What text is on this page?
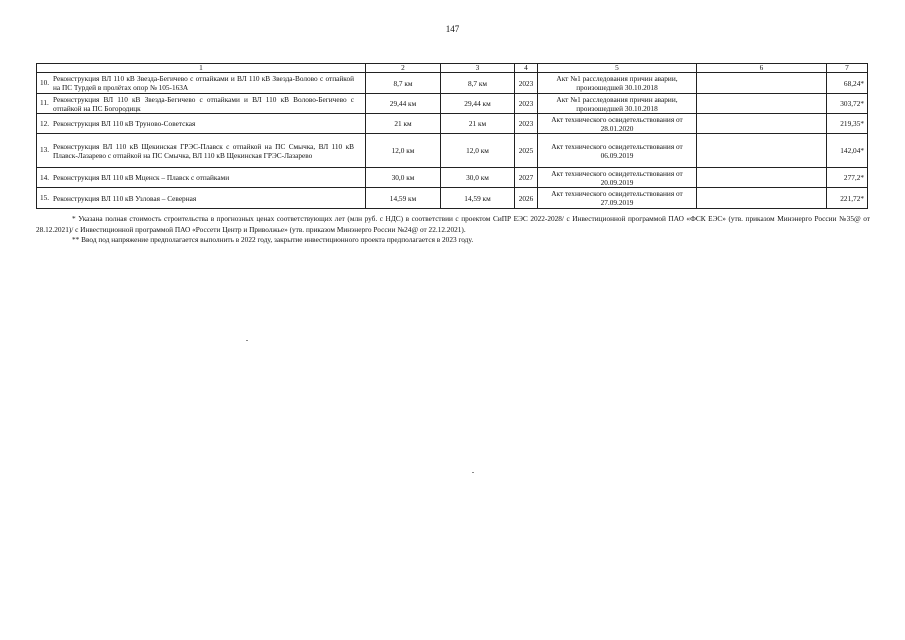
147
1	2	3	4	5	6	7
10. Реконструкция ВЛ 110 кВ Звезда-Бегичево с отпайками и ВЛ 110 кВ Звезда-Волово с отпайкой на ПС Турдей в пролётах опор № 105-163А	8,7 км	8,7 км	2023	Акт №1 расследования причин аварии, произошедшей 30.10.2018		68,24*
11. Реконструкция ВЛ 110 кВ Звезда-Бегичево с отпайками и ВЛ 110 кВ Волово-Бегичево с отпайкой на ПС Богородицк	29,44 км	29,44 км	2023	Акт №1 расследования причин аварии, произошедшей 30.10.2018		303,72*
12. Реконструкция ВЛ 110 кВ Труново-Советская	21 км	21 км	2023	Акт технического освидетельствования от 28.01.2020		219,35*
13. Реконструкция ВЛ 110 кВ Щекинская ГРЭС-Плавск с отпайкой на ПС Смычка, ВЛ 110 кВ Плавск-Лазарево с отпайкой на ПС Смычка, ВЛ 110 кВ Щекинская ГРЭС-Лазарево	12,0 км	12,0 км	2025	Акт технического освидетельствования от 06.09.2019		142,04*
14. Реконструкция ВЛ 110 кВ Мценск – Плавск с отпайками	30,0 км	30,0 км	2027	Акт технического освидетельствования от 20.09.2019		277,2*
15. Реконструкция ВЛ 110 кВ Узловая – Северная	14,59 км	14,59 км	2026	Акт технического освидетельствования от 27.09.2019		221,72*

* Указана полная стоимость строительства в прогнозных ценах соответствующих лет (млн руб. с НДС) в соответствии с проектом СиПР ЕЭС 2022-2028/ с Инвестиционной программой ПАО «ФСК ЕЭС» (утв. приказом Минэнерго России №35@ от 28.12.2021)/ с Инвестиционной программой ПАО «Россети Центр и Приволжье» (утв. приказом Минэнерго России №24@ от 22.12.2021).

** Ввод под напряжение предполагается выполнить в 2022 году, закрытие инвестиционного проекта предполагается в 2023 году.
